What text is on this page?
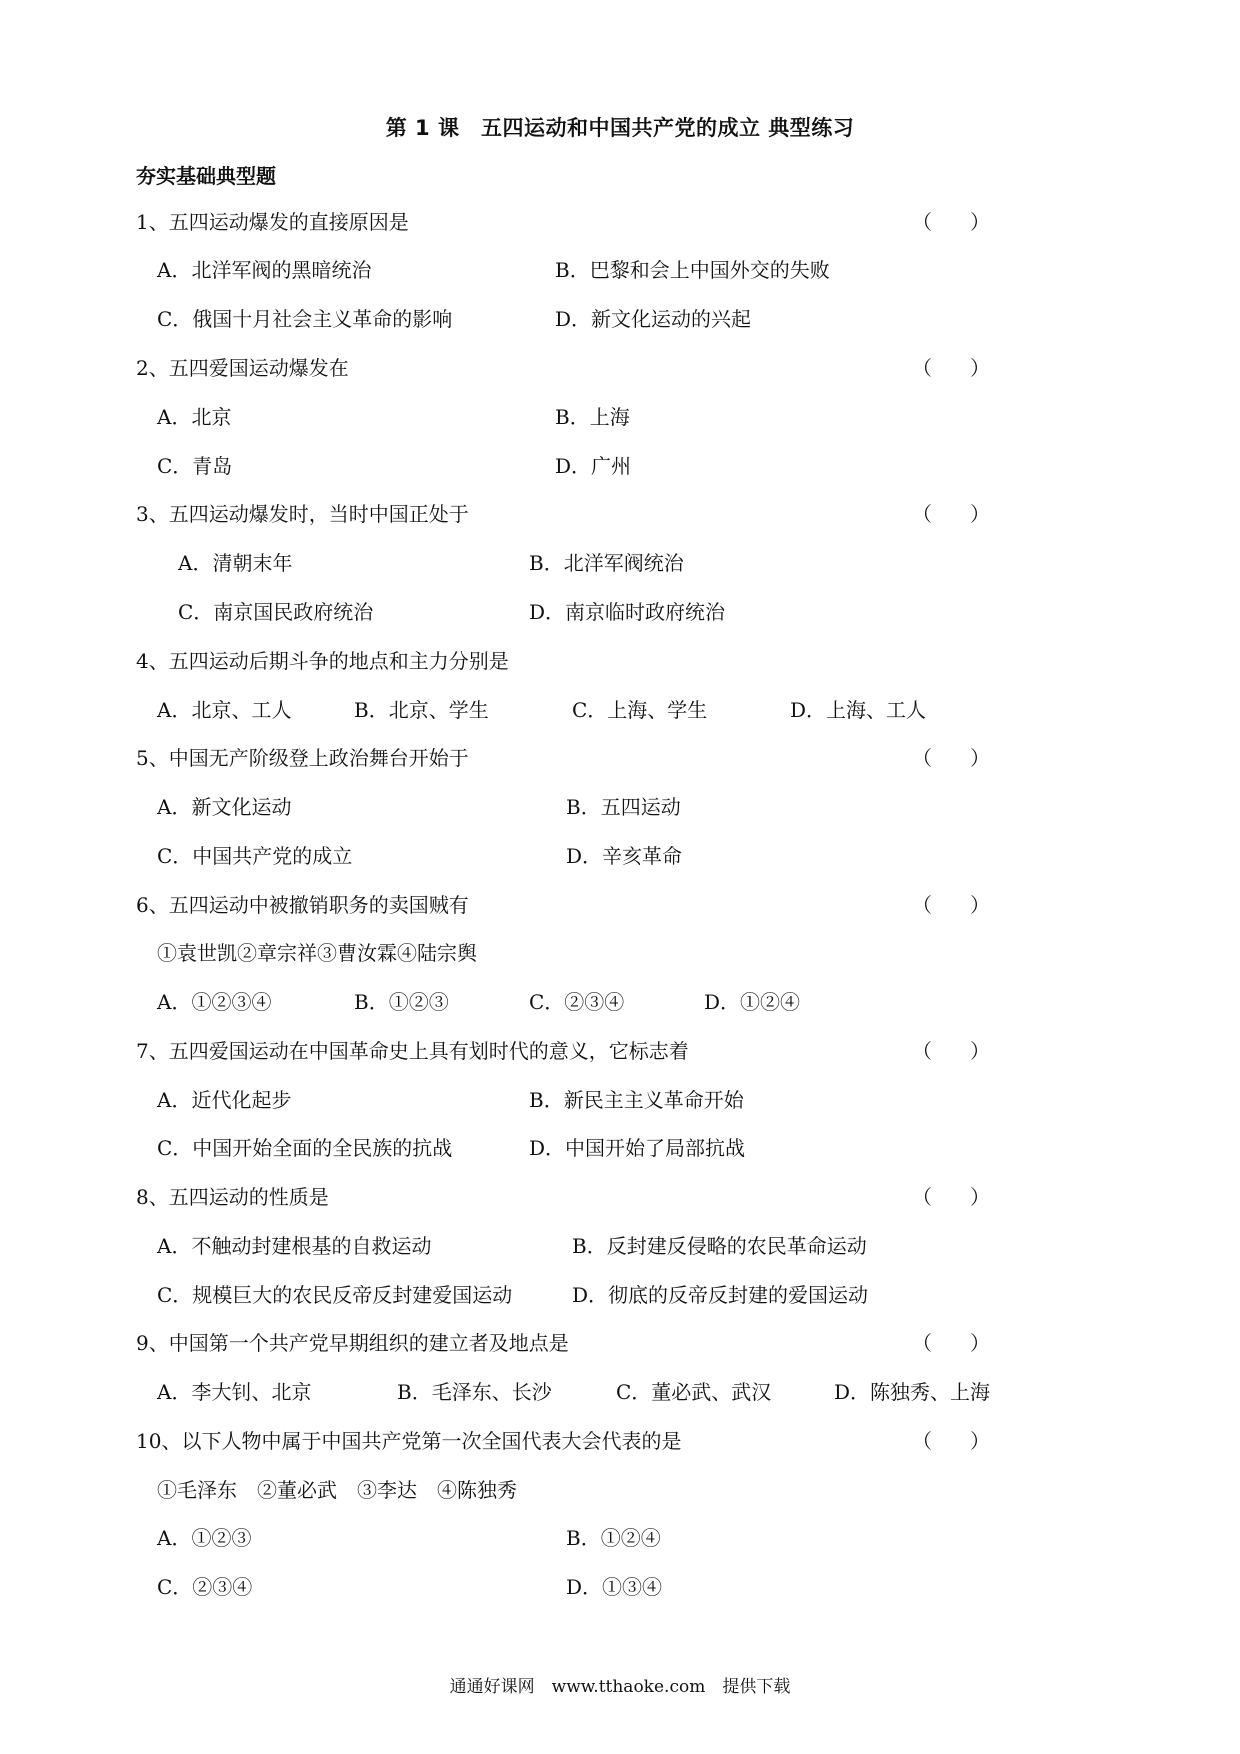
第 1 课　五四运动和中国共产党的成立 典型练习
夯实基础典型题
1、五四运动爆发的直接原因是	（ ）
A．北洋军阀的黑暗统治	B．巴黎和会上中国外交的失败
C．俄国十月社会主义革命的影响	D．新文化运动的兴起
2、五四爱国运动爆发在	（ ）
A．北京	B．上海
C．青岛	D．广州
3、五四运动爆发时，当时中国正处于	（ ）
A．清朝末年	B．北洋军阀统治
C．南京国民政府统治	D．南京临时政府统治
4、五四运动后期斗争的地点和主力分别是
A．北京、工人	B．北京、学生	C．上海、学生	D．上海、工人
5、中国无产阶级登上政治舞台开始于	（ ）
A．新文化运动	B．五四运动
C．中国共产党的成立	D．辛亥革命
6、五四运动中被撤销职务的卖国贼有	（ ）
①袁世凯②章宗祥③曹汝霖④陆宗舆
A．①②③④	B．①②③	C．②③④	D．①②④
7、五四爱国运动在中国革命史上具有划时代的意义，它标志着	（ ）
A．近代化起步	B．新民主主义革命开始
C．中国开始全面的全民族的抗战	D．中国开始了局部抗战
8、五四运动的性质是	（ ）
A．不触动封建根基的自救运动	B．反封建反侵略的农民革命运动
C．规模巨大的农民反帝反封建爱国运动	D．彻底的反帝反封建的爱国运动
9、中国第一个共产党早期组织的建立者及地点是	（ ）
A．李大钊、北京	B．毛泽东、长沙	C．董必武、武汉	D．陈独秀、上海
10、以下人物中属于中国共产党第一次全国代表大会代表的是	（ ）
①毛泽东　②董必武　③李达　④陈独秀
A．①②③	B．①②④
C．②③④	D．①③④
通通好课网　www.tthaoke.com　提供下载
